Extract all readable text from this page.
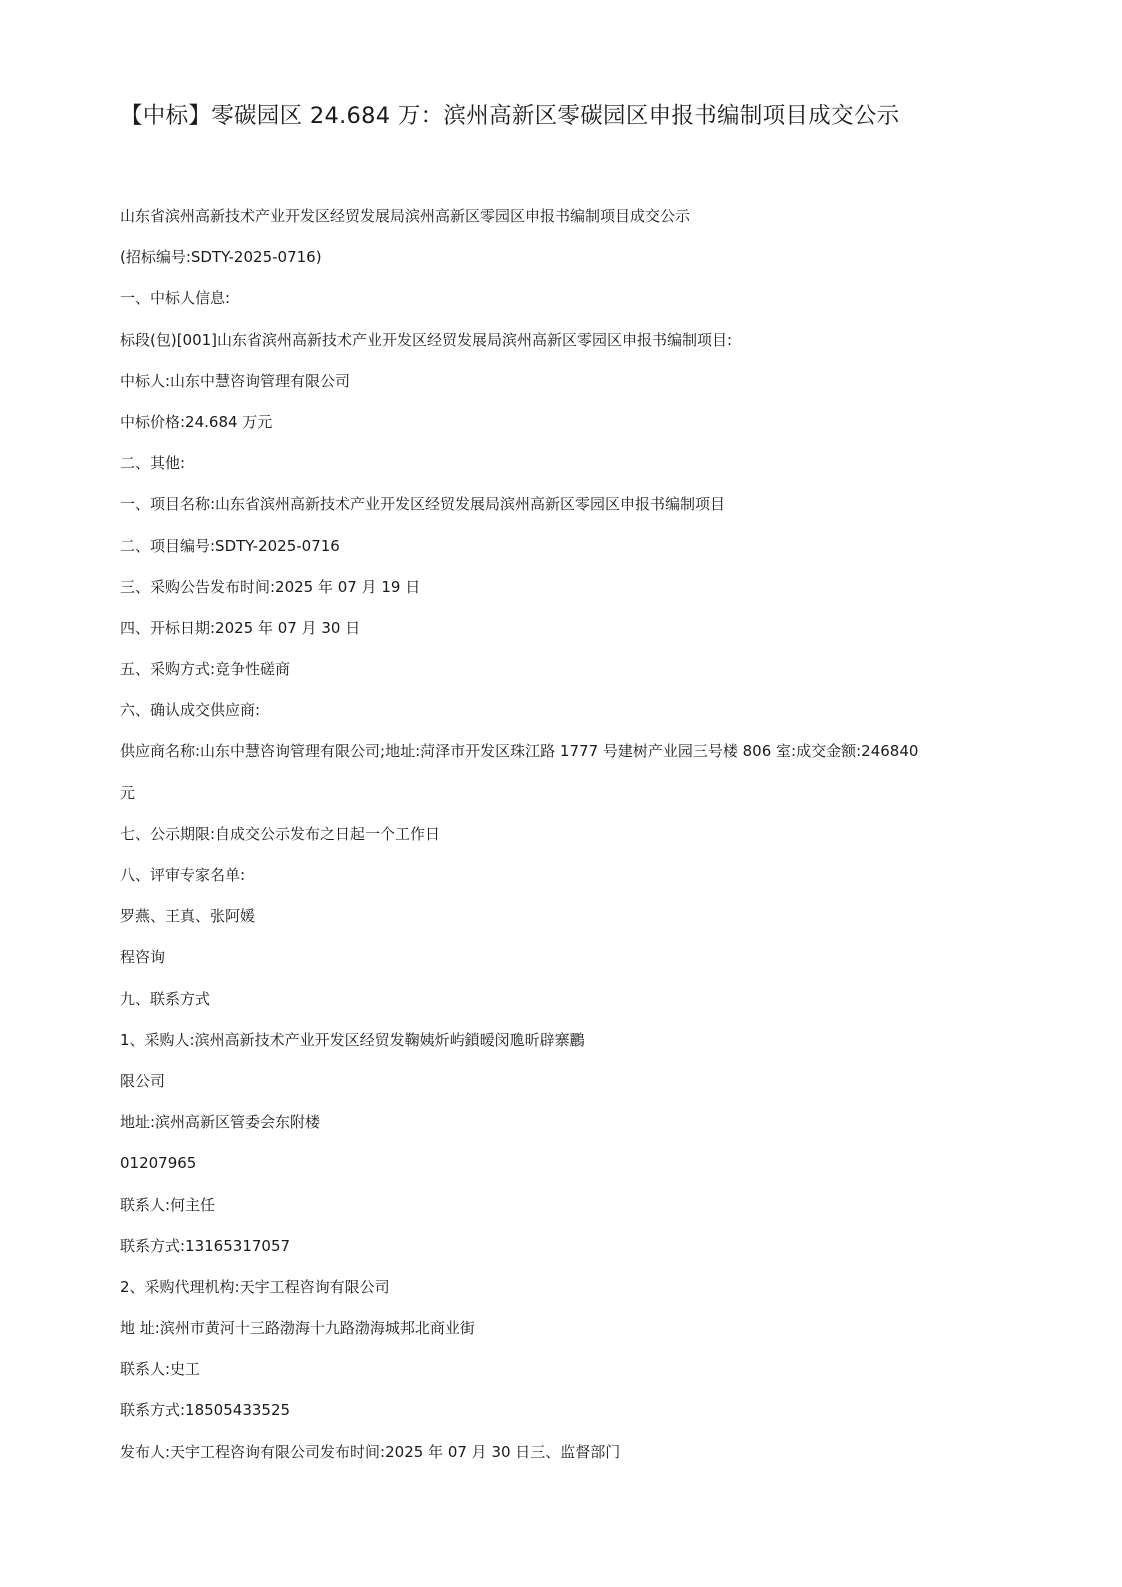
【中标】零碳园区 24.684 万：滨州高新区零碳园区申报书编制项目成交公示
山东省滨州高新技术产业开发区经贸发展局滨州高新区零园区申报书编制项目成交公示
(招标编号:SDTY-2025-0716)
一、中标人信息:
标段(包)[001]山东省滨州高新技术产业开发区经贸发展局滨州高新区零园区申报书编制项目:
中标人:山东中慧咨询管理有限公司
中标价格:24.684 万元
二、其他:
一、项目名称:山东省滨州高新技术产业开发区经贸发展局滨州高新区零园区申报书编制项目
二、项目编号:SDTY-2025-0716
三、采购公告发布时间:2025 年 07 月 19 日
四、开标日期:2025 年 07 月 30 日
五、采购方式:竞争性磋商
六、确认成交供应商:
供应商名称:山东中慧咨询管理有限公司;地址:菏泽市开发区珠江路 1777 号建树产业园三号楼 806 室:成交金额:246840
元
七、公示期限:自成交公示发布之日起一个工作日
八、评审专家名单:
罗燕、王真、张阿媛
程咨询
九、联系方式
1、采购人:滨州高新技术产业开发区经贸发鞠姨炘屿鎖暧闵卼昕辟寨鸝
限公司
地址:滨州高新区管委会东附楼
01207965
联系人:何主任
联系方式:13165317057
2、采购代理机构:天宇工程咨询有限公司
地 址:滨州市黄河十三路渤海十九路渤海城邦北商业街
联系人:史工
联系方式:18505433525
发布人:天宇工程咨询有限公司发布时间:2025 年 07 月 30 日三、监督部门
